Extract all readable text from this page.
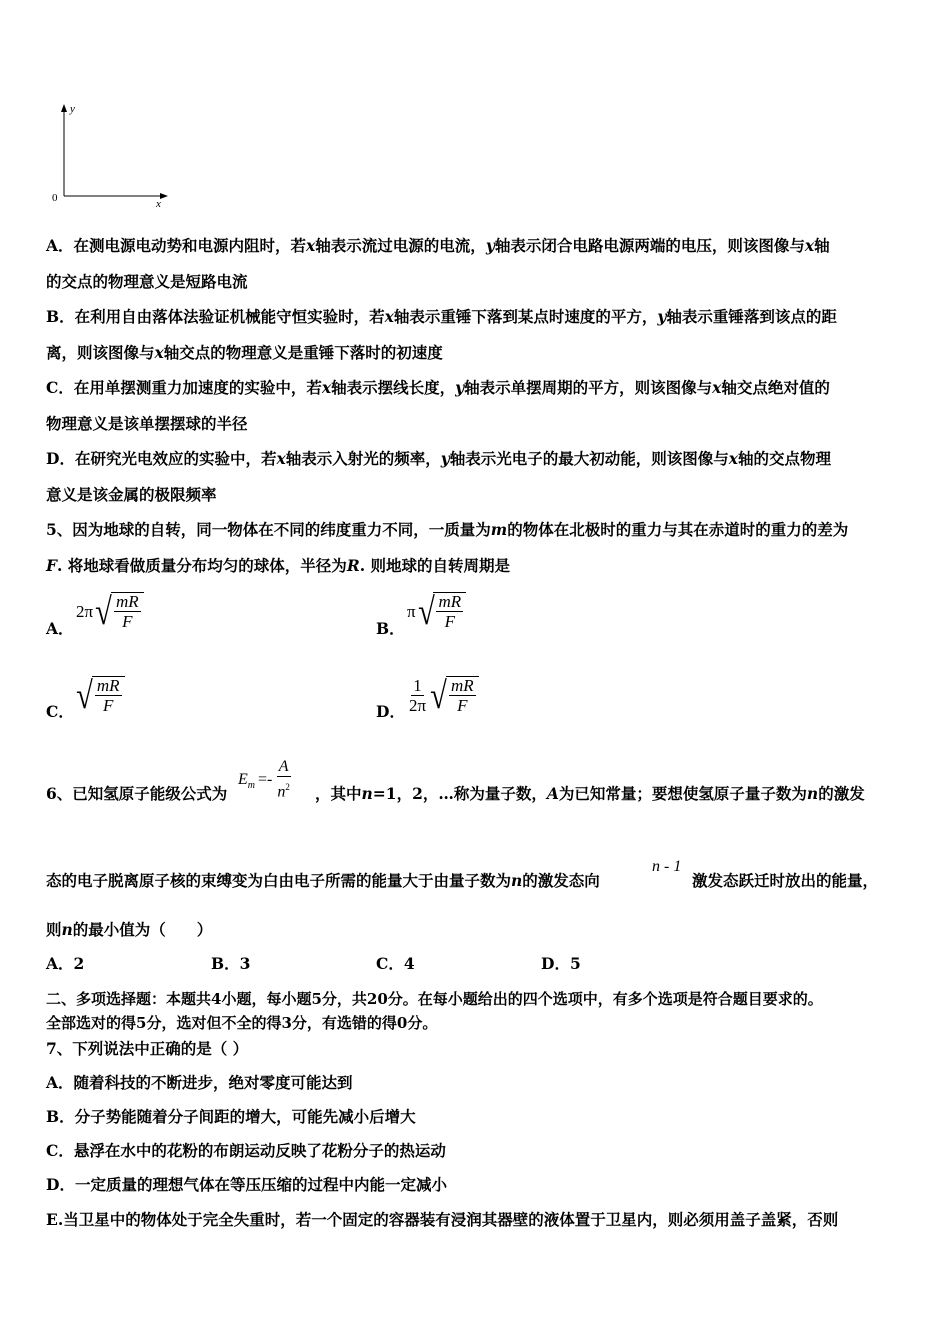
y
x
0
A．在测电源电动势和电源内阻时，若x轴表示流过电源的电流，y轴表示闭合电路电源两端的电压，则该图像与x轴
的交点的物理意义是短路电流
B．在利用自由落体法验证机械能守恒实验时，若x轴表示重锤下落到某点时速度的平方，y轴表示重锤落到该点的距
离，则该图像与x轴交点的物理意义是重锤下落时的初速度
C．在用单摆测重力加速度的实验中，若x轴表示摆线长度，y轴表示单摆周期的平方，则该图像与x轴交点绝对值的
物理意义是该单摆摆球的半径
D．在研究光电效应的实验中，若x轴表示入射光的频率，y轴表示光电子的最大初动能，则该图像与x轴的交点物理
意义是该金属的极限频率
5、因为地球的自转，同一物体在不同的纬度重力不同，一质量为m的物体在北极时的重力与其在赤道时的重力的差为
F. 将地球看做质量分布均匀的球体，半径为R. 则地球的自转周期是
A．
2π √ $\frac{mR}{F}$	B．
π √ $\frac{mR}{F}$
C． √ $\frac{mR}{F}$	D． $\frac{1}{2\pi}$ √ $\frac{mR}{F}$
6、已知氢原子能级公式为
$E_m =- \frac{A}{n^2}$ ，其中n=1，2，…称为量子数，A为已知常量；要想使氢原子量子数为n的激发
态的电子脱离原子核的束缚变为白由电子所需的能量大于由量子数为n的激发态向
n - 1
激发态跃迁时放出的能量，
则n的最小值为（　　）
A．2	B．3	C．4	D．5
二、多项选择题：本题共4小题，每小题5分，共20分。在每小题给出的四个选项中，有多个选项是符合题目要求的。
全部选对的得5分，选对但不全的得3分，有选错的得0分。
7、下列说法中正确的是（ ）
A．随着科技的不断进步，绝对零度可能达到
B．分子势能随着分子间距的增大，可能先减小后增大
C．悬浮在水中的花粉的布朗运动反映了花粉分子的热运动
D．一定质量的理想气体在等压压缩的过程中内能一定减小
E.当卫星中的物体处于完全失重时，若一个固定的容器装有浸润其器壁的液体置于卫星内，则必须用盖子盖紧，否则
